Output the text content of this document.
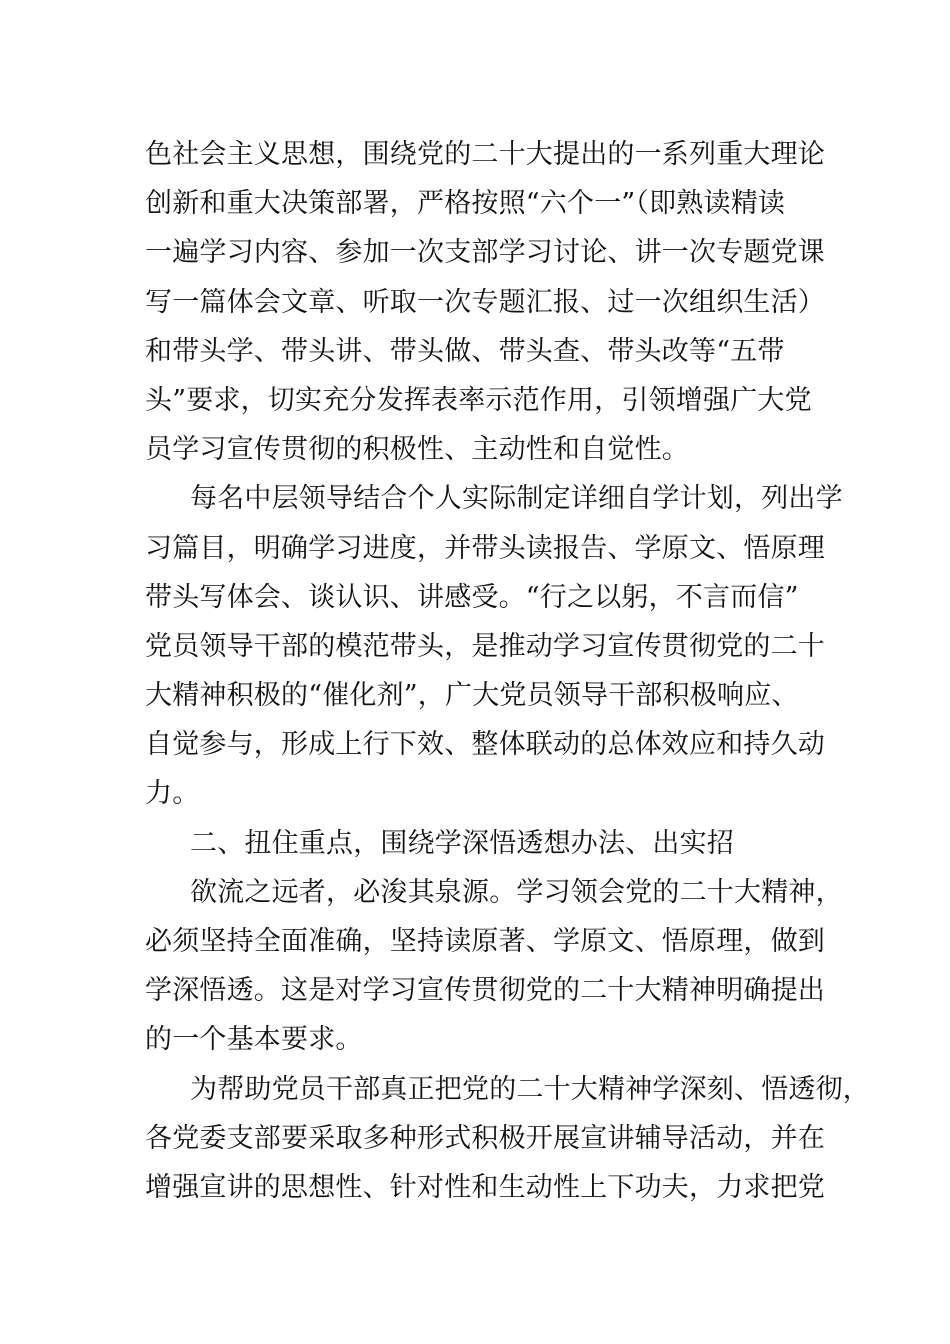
色社会主义思想，围绕党的二十大提出的一系列重大理论
创新和重大决策部署，严格按照“六个一”（即熟读精读
一遍学习内容、参加一次支部学习讨论、讲一次专题党课
写一篇体会文章、听取一次专题汇报、过一次组织生活）
和带头学、带头讲、带头做、带头查、带头改等“五带
头”要求，切实充分发挥表率示范作用，引领增强广大党
员学习宣传贯彻的积极性、主动性和自觉性。
每名中层领导结合个人实际制定详细自学计划，列出学
习篇目，明确学习进度，并带头读报告、学原文、悟原理
带头写体会、谈认识、讲感受。“行之以躬，不言而信”
党员领导干部的模范带头，是推动学习宣传贯彻党的二十
大精神积极的“催化剂”，广大党员领导干部积极响应、
自觉参与，形成上行下效、整体联动的总体效应和持久动
力。
二、扭住重点，围绕学深悟透想办法、出实招
欲流之远者，必浚其泉源。学习领会党的二十大精神，
必须坚持全面准确，坚持读原著、学原文、悟原理，做到
学深悟透。这是对学习宣传贯彻党的二十大精神明确提出
的一个基本要求。
为帮助党员干部真正把党的二十大精神学深刻、悟透彻，
各党委支部要采取多种形式积极开展宣讲辅导活动，并在
增强宣讲的思想性、针对性和生动性上下功夫，力求把党
